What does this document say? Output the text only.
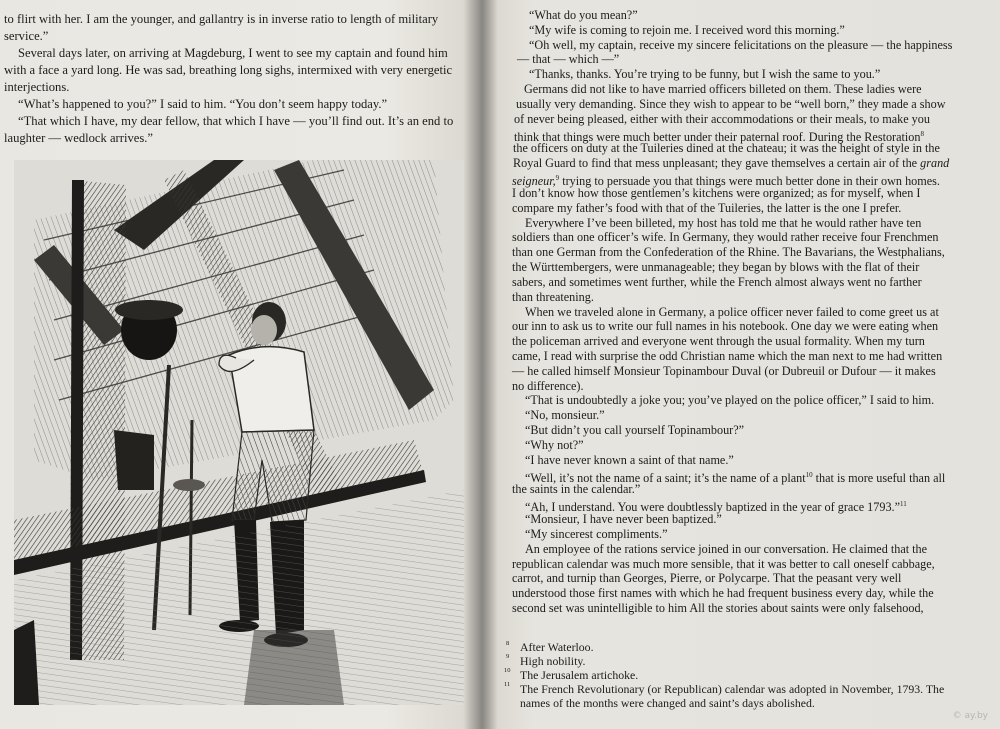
to flirt with her. I am the younger, and gallantry is in inverse ratio to length of military

service.”

Several days later, on arriving at Magdeburg, I went to see my captain and found him

with a face a yard long. He was sad, breathing long sighs, intermixed with very energetic

interjections.

“What’s happened to you?” I said to him. “You don’t seem happy today.”

“That which I have, my dear fellow, that which I have — you’ll find out. It’s an end to

laughter — wedlock arrives.”

“What do you mean?”

“My wife is coming to rejoin me. I received word this morning.”

“Oh well, my captain, receive my sincere felicitations on the pleasure — the happiness

— that — which —”

“Thanks, thanks. You’re trying to be funny, but I wish the same to you.”

Germans did not like to have married officers billeted on them. These ladies were

usually very demanding. Since they wish to appear to be “well born,” they made a show

of never being pleased, either with their accommodations or their meals, to make you

think that things were much better under their paternal roof. During the Restoration$^8$

the officers on duty at the Tuileries dined at the chateau; it was the height of style in the

Royal Guard to find that mess unpleasant; they gave themselves a certain air of the grand

seigneur,$^9$ trying to persuade you that things were much better done in their own homes.

I don’t know how those gentlemen’s kitchens were organized; as for myself, when I

compare my father’s food with that of the Tuileries, the latter is the one I prefer.

Everywhere I’ve been billeted, my host has told me that he would rather have ten

soldiers than one officer’s wife. In Germany, they would rather receive four Frenchmen

than one German from the Confederation of the Rhine. The Bavarians, the Westphalians,

the Württembergers, were unmanageable; they began by blows with the flat of their

sabers, and sometimes went further, while the French almost always went no farther

than threatening.

When we traveled alone in Germany, a police officer never failed to come greet us at

our inn to ask us to write our full names in his notebook. One day we were eating when

the policeman arrived and everyone went through the usual formality. When my turn

came, I read with surprise the odd Christian name which the man next to me had written

— he called himself Monsieur Topinambour Duval (or Dubreuil or Dufour — it makes

no difference).

“That is undoubtedly a joke you; you’ve played on the police officer,” I said to him.

“No, monsieur.”

“But didn’t you call yourself Topinambour?”

“Why not?”

“I have never known a saint of that name.”

“Well, it’s not the name of a saint; it’s the name of a plant$^{10}$ that is more useful than all

the saints in the calendar.”

“Ah, I understand. You were doubtlessly baptized in the year of grace 1793.”$^{11}$

“Monsieur, I have never been baptized.”

“My sincerest compliments.”

An employee of the rations service joined in our conversation. He claimed that the

republican calendar was much more sensible, that it was better to call oneself cabbage,

carrot, and turnip than Georges, Pierre, or Polycarpe. That the peasant very well

understood those first names with which he had frequent business every day, while the

second set was unintelligible to him All the stories about saints were only falsehood,

8 After Waterloo.
9 High nobility.
10 The Jerusalem artichoke.
11 The French Revolutionary (or Republican) calendar was adopted in November, 1793. The
names of the months were changed and saint’s days abolished.
© ay.by
